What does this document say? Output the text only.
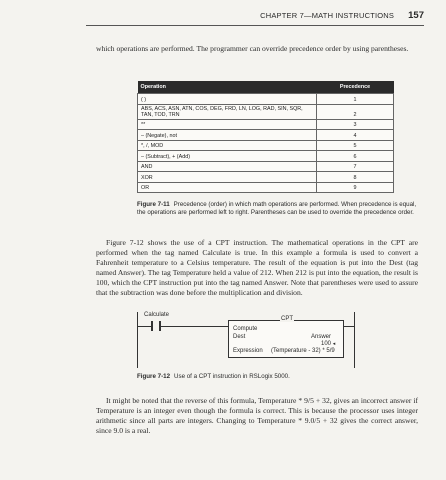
CHAPTER 7—MATH INSTRUCTIONS 157
which operations are performed. The programmer can override precedence order by using parentheses.
Operation	Precedence
( )	1
ABS, ACS, ASN, ATN, COS, DEG, FRD, LN, LOG, RAD, SIN, SQR, TAN, TOD, TRN	2
**	3
– (Negate), not	4
*, /, MOD	5
– (Subtract), + (Add)	6
AND	7
XOR	8
OR	9
Figure 7-11 Precedence (order) in which math operations are performed. When precedence is equal, the operations are performed left to right. Parentheses can be used to override the precedence order.
Figure 7-12 shows the use of a CPT instruction. The mathematical operations in the CPT are performed when the tag named Calculate is true. In this example a formula is used to convert a Fahrenheit temperature to a Celsius temperature. The result of the equation is put into the Dest (tag named Answer). The tag Temperature held a value of 212. When 212 is put into the equation, the result is 100, which the CPT instruction put into the tag named Answer. Note that parentheses were used to assure that the subtraction was done before the multiplication and division.
Calculate
CPT
Compute
Dest	Answer
100 ◂
Expression (Temperature - 32) * 5/9
Figure 7-12 Use of a CPT instruction in RSLogix 5000.
It might be noted that the reverse of this formula, Temperature * 9/5 + 32, gives an incorrect answer if Temperature is an integer even though the formula is correct. This is because the processor uses integer arithmetic since all parts are integers. Changing to Temperature * 9.0/5 + 32 gives the correct answer, since 9.0 is a real.
